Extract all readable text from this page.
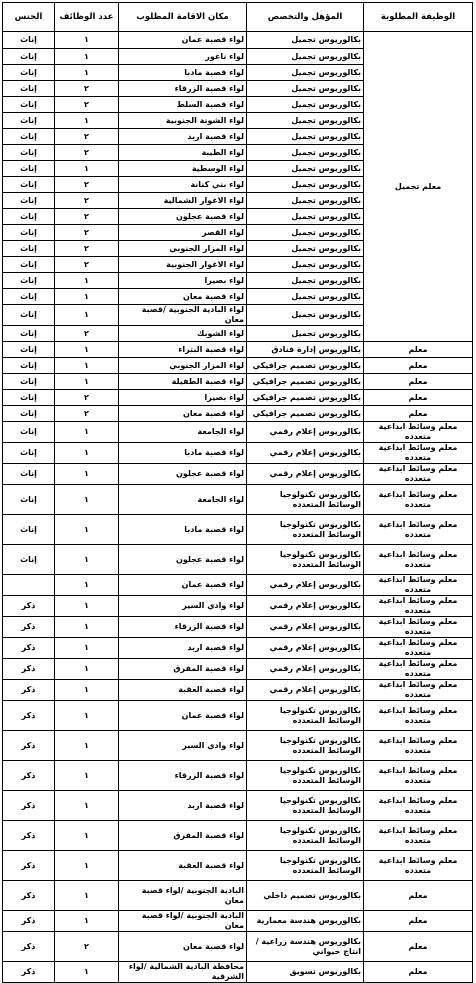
الوظيفة المطلوبة	المؤهل والتخصص	مكان الاقامة المطلوب	عدد الوظائف	الجنس
معلم تجميل	بكالوريوس تجميل	لواء قصبة عمان	١	إناث
	بكالوريوس تجميل	لواء ناعور	١	إناث
	بكالوريوس تجميل	لواء قصبة مادبا	١	إناث
	بكالوريوس تجميل	لواء قصبة الزرقاء	٢	إناث
	بكالوريوس تجميل	لواء قصبة السلط	٢	إناث
	بكالوريوس تجميل	لواء الشونة الجنوبية	١	إناث
	بكالوريوس تجميل	لواء قصبة اربد	٢	إناث
	بكالوريوس تجميل	لواء الطيبة	٢	إناث
	بكالوريوس تجميل	لواء الوسطية	١	إناث
	بكالوريوس تجميل	لواء بني كنانة	٢	إناث
	بكالوريوس تجميل	لواء الاغوار الشمالية	٢	إناث
	بكالوريوس تجميل	لواء قصبة عجلون	٢	إناث
	بكالوريوس تجميل	لواء القصر	٢	إناث
	بكالوريوس تجميل	لواء المزار الجنوبي	٢	إناث
	بكالوريوس تجميل	لواء الاغوار الجنوبية	٢	إناث
	بكالوريوس تجميل	لواء بصيرا	١	إناث
	بكالوريوس تجميل	لواء قصبة معان	١	إناث
	بكالوريوس تجميل	لواء البادية الجنوبية /قصبة معان	١	إناث
	بكالوريوس تجميل	لواء الشوبك	٢	إناث
معلم	بكالوريوس إدارة فنادق	لواء قصبة البتراء	١	إناث
معلم	بكالوريوس تصميم جرافيكي	لواء المزار الجنوبي	١	إناث
معلم	بكالوريوس تصميم جرافيكي	لواء قصبة الطفيلة	١	إناث
معلم	بكالوريوس تصميم جرافيكي	لواء بصيرا	٢	إناث
معلم	بكالوريوس تصميم جرافيكي	لواء قصبة معان	٢	إناث
معلم وسائط ابداعية متعدده	بكالوريوس إعلام رقمي	لواء الجامعة	١	إناث
معلم وسائط ابداعية متعدده	بكالوريوس إعلام رقمي	لواء قصبة مادبا	١	إناث
معلم وسائط ابداعية متعدده	بكالوريوس إعلام رقمي	لواء قصبة عجلون	١	إناث
معلم وسائط ابداعية متعدده	بكالوريوس تكنولوجيا الوسائط المتعدده	لواء الجامعة	١	إناث
معلم وسائط ابداعية متعدده	بكالوريوس تكنولوجيا الوسائط المتعدده	لواء قصبة مادبا	١	إناث
معلم وسائط ابداعية متعدده	بكالوريوس تكنولوجيا الوسائط المتعدده	لواء قصبة عجلون	١	إناث
معلم وسائط ابداعية متعدده	بكالوريوس إعلام رقمي	لواء قصبة عمان	١	
معلم وسائط ابداعية متعدده	بكالوريوس إعلام رقمي	لواء وادي السير	١	ذكر
معلم وسائط ابداعية متعدده	بكالوريوس إعلام رقمي	لواء قصبة الزرقاء	١	ذكر
معلم وسائط ابداعية متعدده	بكالوريوس إعلام رقمي	لواء قصبة اربد	١	ذكر
معلم وسائط ابداعية متعدده	بكالوريوس إعلام رقمي	لواء قصبة المفرق	١	ذكر
معلم وسائط ابداعية متعدده	بكالوريوس إعلام رقمي	لواء قصبة العقبة	١	ذكر
معلم وسائط ابداعية متعدده	بكالوريوس تكنولوجيا الوسائط المتعدده	لواء قصبة عمان	١	ذكر
معلم وسائط ابداعية متعدده	بكالوريوس تكنولوجيا الوسائط المتعدده	لواء وادي السير	١	ذكر
معلم وسائط ابداعية متعدده	بكالوريوس تكنولوجيا الوسائط المتعدده	لواء قصبة الزرقاء	١	ذكر
معلم وسائط ابداعية متعدده	بكالوريوس تكنولوجيا الوسائط المتعدده	لواء قصبة اربد	١	ذكر
معلم وسائط ابداعية متعدده	بكالوريوس تكنولوجيا الوسائط المتعدده	لواء قصبة المفرق	١	ذكر
معلم وسائط ابداعية متعدده	بكالوريوس تكنولوجيا الوسائط المتعدده	لواء قصبة العقبة	١	ذكر
معلم	بكالوريوس تصميم داخلي	البادية الجنوبية /لواء قصبة معان	١	ذكر
معلم	بكالوريوس هندسة معمارية	البادية الجنوبية /لواء قصبة معان	١	ذكر
معلم	بكالوريوس هندسة زراعية / انتاج حيواني	لواء قصبة معان	٢	ذكر
معلم	بكالوريوس تسويق	محافظة البادية الشمالية /لواء الشرقية	١	ذكر
